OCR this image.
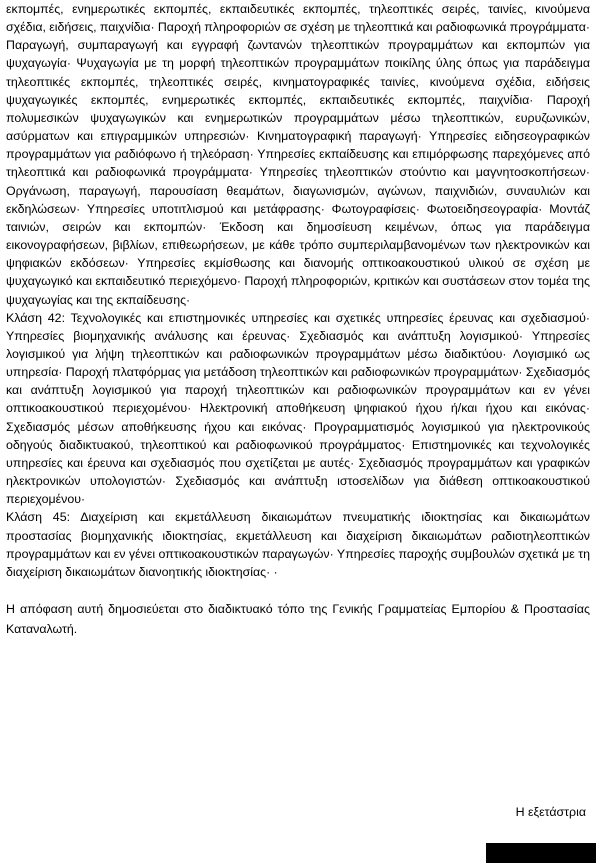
εκπομπές, ενημερωτικές εκπομπές, εκπαιδευτικές εκπομπές, τηλεοπτικές σειρές, ταινίες, κινούμενα σχέδια, ειδήσεις, παιχνίδια· Παροχή πληροφοριών σε σχέση με τηλεοπτικά και ραδιοφωνικά προγράμματα· Παραγωγή, συμπαραγωγή και εγγραφή ζωντανών τηλεοπτικών προγραμμάτων και εκπομπών για ψυχαγωγία· Ψυχαγωγία με τη μορφή τηλεοπτικών προγραμμάτων ποικίλης ύλης όπως για παράδειγμα τηλεοπτικές εκπομπές, τηλεοπτικές σειρές, κινηματογραφικές ταινίες, κινούμενα σχέδια, ειδήσεις ψυχαγωγικές εκπομπές, ενημερωτικές εκπομπές, εκπαιδευτικές εκπομπές, παιχνίδια· Παροχή πολυμεσικών ψυχαγωγικών και ενημερωτικών προγραμμάτων μέσω τηλεοπτικών, ευρυζωνικών, ασύρματων και επιγραμμικών υπηρεσιών· Κινηματογραφική παραγωγή· Υπηρεσίες ειδησεογραφικών προγραμμάτων για ραδιόφωνο ή τηλεόραση· Υπηρεσίες εκπαίδευσης και επιμόρφωσης παρεχόμενες από τηλεοπτικά και ραδιοφωνικά προγράμματα· Υπηρεσίες τηλεοπτικών στούντιο και μαγνητοσκοπήσεων· Οργάνωση, παραγωγή, παρουσίαση θεαμάτων, διαγωνισμών, αγώνων, παιχνιδιών, συναυλιών και εκδηλώσεων· Υπηρεσίες υποτιτλισμού και μετάφρασης· Φωτογραφίσεις· Φωτοειδησεογραφία· Μοντάζ ταινιών, σειρών και εκπομπών· Έκδοση και δημοσίευση κειμένων, όπως για παράδειγμα εικονογραφήσεων, βιβλίων, επιθεωρήσεων, με κάθε τρόπο συμπεριλαμβανομένων των ηλεκτρονικών και ψηφιακών εκδόσεων· Υπηρεσίες εκμίσθωσης και διανομής οπτικοακουστικού υλικού σε σχέση με ψυχαγωγικό και εκπαιδευτικό περιεχόμενο· Παροχή πληροφοριών, κριτικών και συστάσεων στον τομέα της ψυχαγωγίας και της εκπαίδευσης·

Κλάση 42: Τεχνολογικές και επιστημονικές υπηρεσίες και σχετικές υπηρεσίες έρευνας και σχεδιασμού· Υπηρεσίες βιομηχανικής ανάλυσης και έρευνας· Σχεδιασμός και ανάπτυξη λογισμικού· Υπηρεσίες λογισμικού για λήψη τηλεοπτικών και ραδιοφωνικών προγραμμάτων μέσω διαδικτύου· Λογισμικό ως υπηρεσία· Παροχή πλατφόρμας για μετάδοση τηλεοπτικών και ραδιοφωνικών προγραμμάτων· Σχεδιασμός και ανάπτυξη λογισμικού για παροχή τηλεοπτικών και ραδιοφωνικών προγραμμάτων και εν γένει οπτικοακουστικού περιεχομένου· Ηλεκτρονική αποθήκευση ψηφιακού ήχου ή/και ήχου και εικόνας· Σχεδιασμός μέσων αποθήκευσης ήχου και εικόνας· Προγραμματισμός λογισμικού για ηλεκτρονικούς οδηγούς διαδικτυακού, τηλεοπτικού και ραδιοφωνικού προγράμματος· Επιστημονικές και τεχνολογικές υπηρεσίες και έρευνα και σχεδιασμός που σχετίζεται με αυτές· Σχεδιασμός προγραμμάτων και γραφικών ηλεκτρονικών υπολογιστών· Σχεδιασμός και ανάπτυξη ιστοσελίδων για διάθεση οπτικοακουστικού περιεχομένου·

Κλάση 45: Διαχείριση και εκμετάλλευση δικαιωμάτων πνευματικής ιδιοκτησίας και δικαιωμάτων προστασίας βιομηχανικής ιδιοκτησίας, εκμετάλλευση και διαχείριση δικαιωμάτων ραδιοτηλεοπτικών προγραμμάτων και εν γένει οπτικοακουστικών παραγωγών· Υπηρεσίες παροχής συμβουλών σχετικά με τη διαχείριση δικαιωμάτων διανοητικής ιδιοκτησίας· ·

Η απόφαση αυτή δημοσιεύεται στο διαδικτυακό τόπο της Γενικής Γραμματείας Εμπορίου & Προστασίας Καταναλωτή.

Η εξετάστρια
